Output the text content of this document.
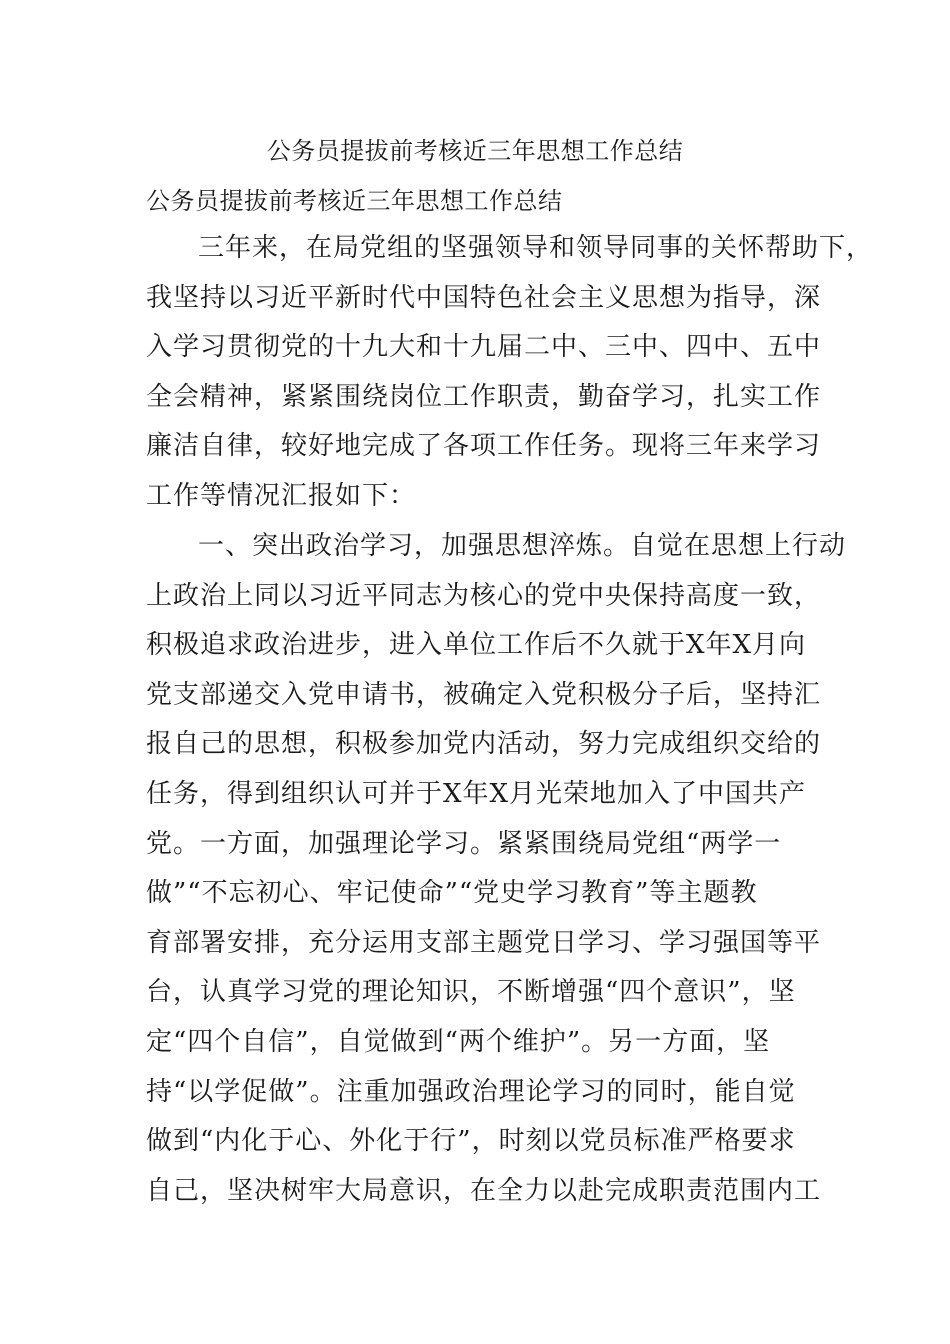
公务员提拔前考核近三年思想工作总结
公务员提拔前考核近三年思想工作总结
三年来，在局党组的坚强领导和领导同事的关怀帮助下，
我坚持以习近平新时代中国特色社会主义思想为指导，深
入学习贯彻党的十九大和十九届二中、三中、四中、五中
全会精神，紧紧围绕岗位工作职责，勤奋学习，扎实工作
廉洁自律，较好地完成了各项工作任务。现将三年来学习
工作等情况汇报如下：
一、突出政治学习，加强思想淬炼。自觉在思想上行动
上政治上同以习近平同志为核心的党中央保持高度一致，
积极追求政治进步，进入单位工作后不久就于X年X月向
党支部递交入党申请书，被确定入党积极分子后，坚持汇
报自己的思想，积极参加党内活动，努力完成组织交给的
任务，得到组织认可并于X年X月光荣地加入了中国共产
党。一方面，加强理论学习。紧紧围绕局党组“两学一
做”“不忘初心、牢记使命”“党史学习教育”等主题教
育部署安排，充分运用支部主题党日学习、学习强国等平
台，认真学习党的理论知识，不断增强“四个意识”，坚
定“四个自信”，自觉做到“两个维护”。另一方面，坚
持“以学促做”。注重加强政治理论学习的同时，能自觉
做到“内化于心、外化于行”，时刻以党员标准严格要求
自己，坚决树牢大局意识，在全力以赴完成职责范围内工
